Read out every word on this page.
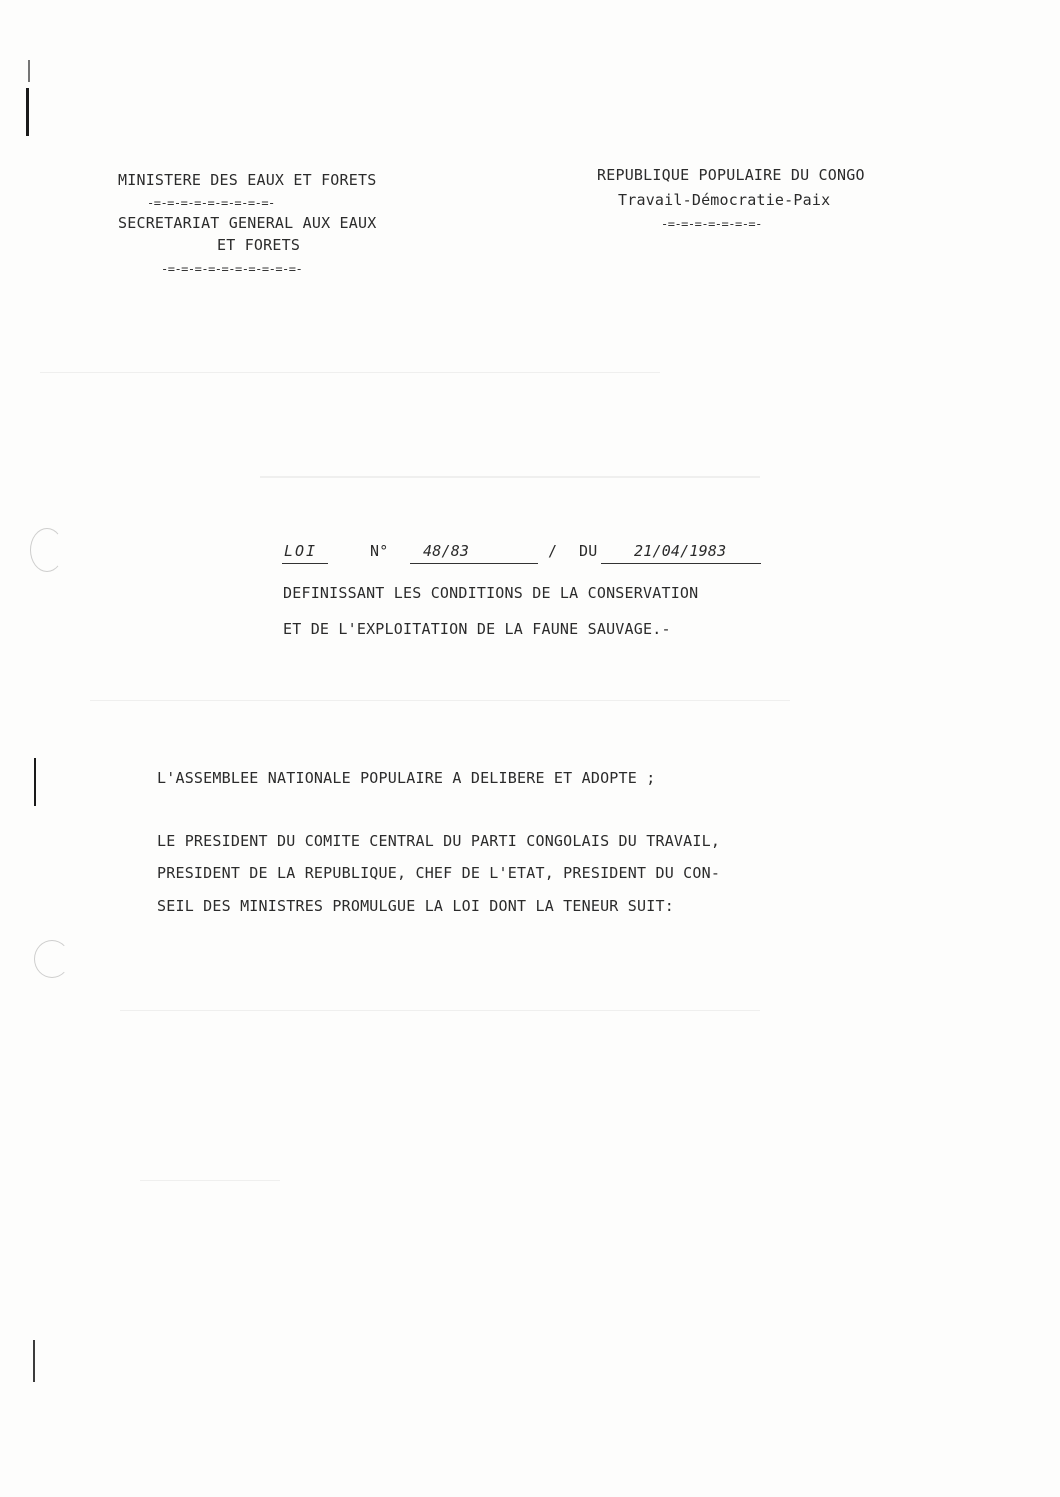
MINISTERE DES EAUX ET FORETS
-=-=-=-=-=-=-=-=-=-
SECRETARIAT GENERAL AUX EAUX
ET FORETS
-=-=-=-=-=-=-=-=-=-=-
REPUBLIQUE POPULAIRE DU CONGO
Travail-Démocratie-Paix
-=-=-=-=-=-=-=-
LOI	N° 48/83	/ DU 21/04/1983
DEFINISSANT LES CONDITIONS DE LA CONSERVATION
ET DE L'EXPLOITATION DE LA FAUNE SAUVAGE.-
L'ASSEMBLEE NATIONALE POPULAIRE A DELIBERE ET ADOPTE ;
LE PRESIDENT DU COMITE CENTRAL DU PARTI CONGOLAIS DU TRAVAIL,
PRESIDENT DE LA REPUBLIQUE, CHEF DE L'ETAT, PRESIDENT DU CON-
SEIL DES MINISTRES PROMULGUE LA LOI DONT LA TENEUR SUIT:
